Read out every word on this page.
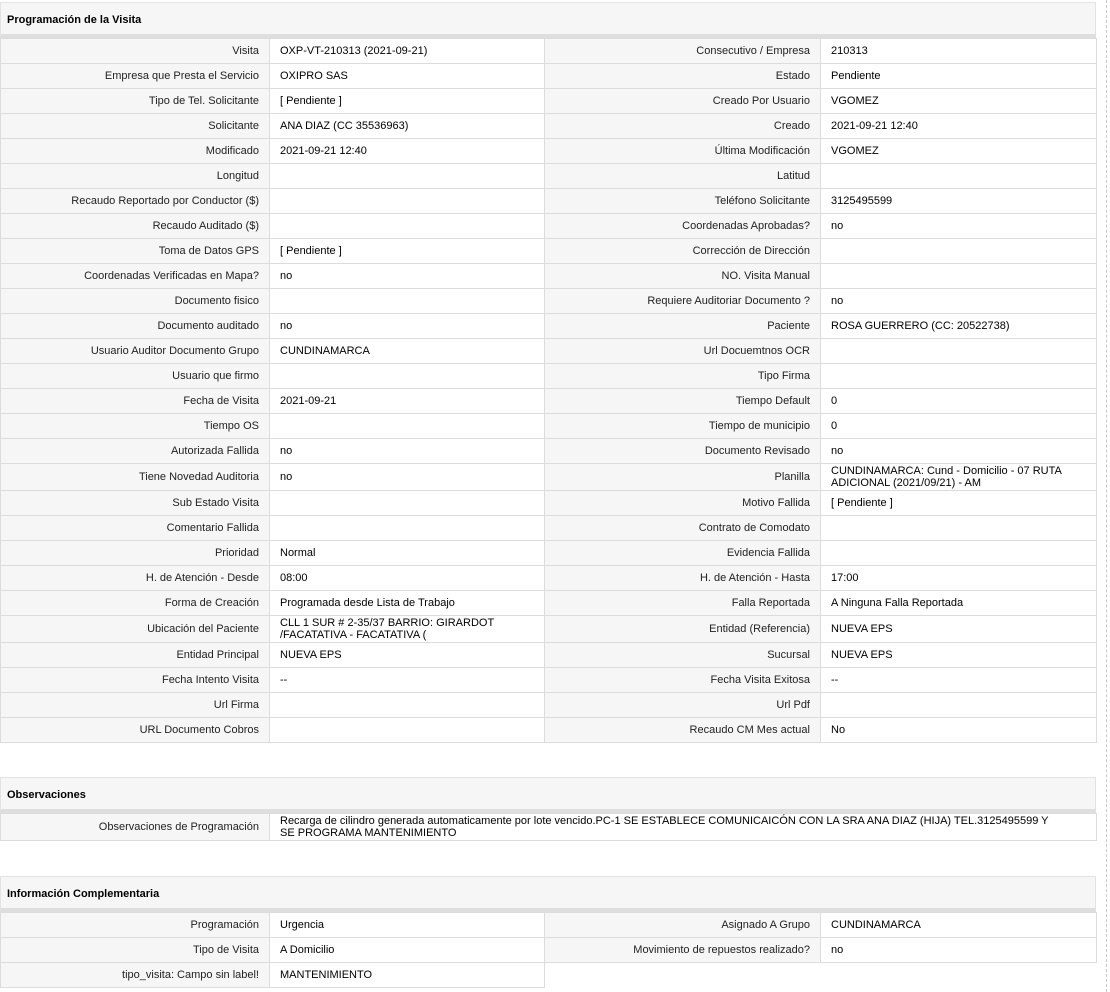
Programación de la Visita
Visita	OXP-VT-210313 (2021-09-21)	Consecutivo / Empresa	210313
Empresa que Presta el Servicio	OXIPRO SAS	Estado	Pendiente
Tipo de Tel. Solicitante	[ Pendiente ]	Creado Por Usuario	VGOMEZ
Solicitante	ANA DIAZ (CC 35536963)	Creado	2021-09-21 12:40
Modificado	2021-09-21 12:40	Última Modificación	VGOMEZ
Longitud		Latitud	
Recaudo Reportado por Conductor ($)		Teléfono Solicitante	3125495599
Recaudo Auditado ($)		Coordenadas Aprobadas?	no
Toma de Datos GPS	[ Pendiente ]	Corrección de Dirección	
Coordenadas Verificadas en Mapa?	no	NO. Visita Manual	
Documento fisico		Requiere Auditoriar Documento ?	no
Documento auditado	no	Paciente	ROSA GUERRERO (CC: 20522738)
Usuario Auditor Documento Grupo	CUNDINAMARCA	Url Docuemtnos OCR	
Usuario que firmo		Tipo Firma	
Fecha de Visita	2021-09-21	Tiempo Default	0
Tiempo OS		Tiempo de municipio	0
Autorizada Fallida	no	Documento Revisado	no
Tiene Novedad Auditoria	no	Planilla	CUNDINAMARCA: Cund - Domicilio - 07 RUTA ADICIONAL (2021/09/21) - AM
Sub Estado Visita		Motivo Fallida	[ Pendiente ]
Comentario Fallida		Contrato de Comodato	
Prioridad	Normal	Evidencia Fallida	
H. de Atención - Desde	08:00	H. de Atención - Hasta	17:00
Forma de Creación	Programada desde Lista de Trabajo	Falla Reportada	A Ninguna Falla Reportada
Ubicación del Paciente	CLL 1 SUR # 2-35/37 BARRIO: GIRARDOT /FACATATIVA - FACATATIVA (	Entidad (Referencia)	NUEVA EPS
Entidad Principal	NUEVA EPS	Sucursal	NUEVA EPS
Fecha Intento Visita	--	Fecha Visita Exitosa	--
Url Firma		Url Pdf	
URL Documento Cobros		Recaudo CM Mes actual	No
Observaciones
Observaciones de Programación	Recarga de cilindro generada automaticamente por lote vencido.PC-1 SE ESTABLECE COMUNICAICÓN CON LA SRA ANA DIAZ (HIJA) TEL.3125495599 Y SE PROGRAMA MANTENIMIENTO
Información Complementaria
Programación	Urgencia	Asignado A Grupo	CUNDINAMARCA
Tipo de Visita	A Domicilio	Movimiento de repuestos realizado?	no
tipo_visita: Campo sin label!	MANTENIMIENTO		
